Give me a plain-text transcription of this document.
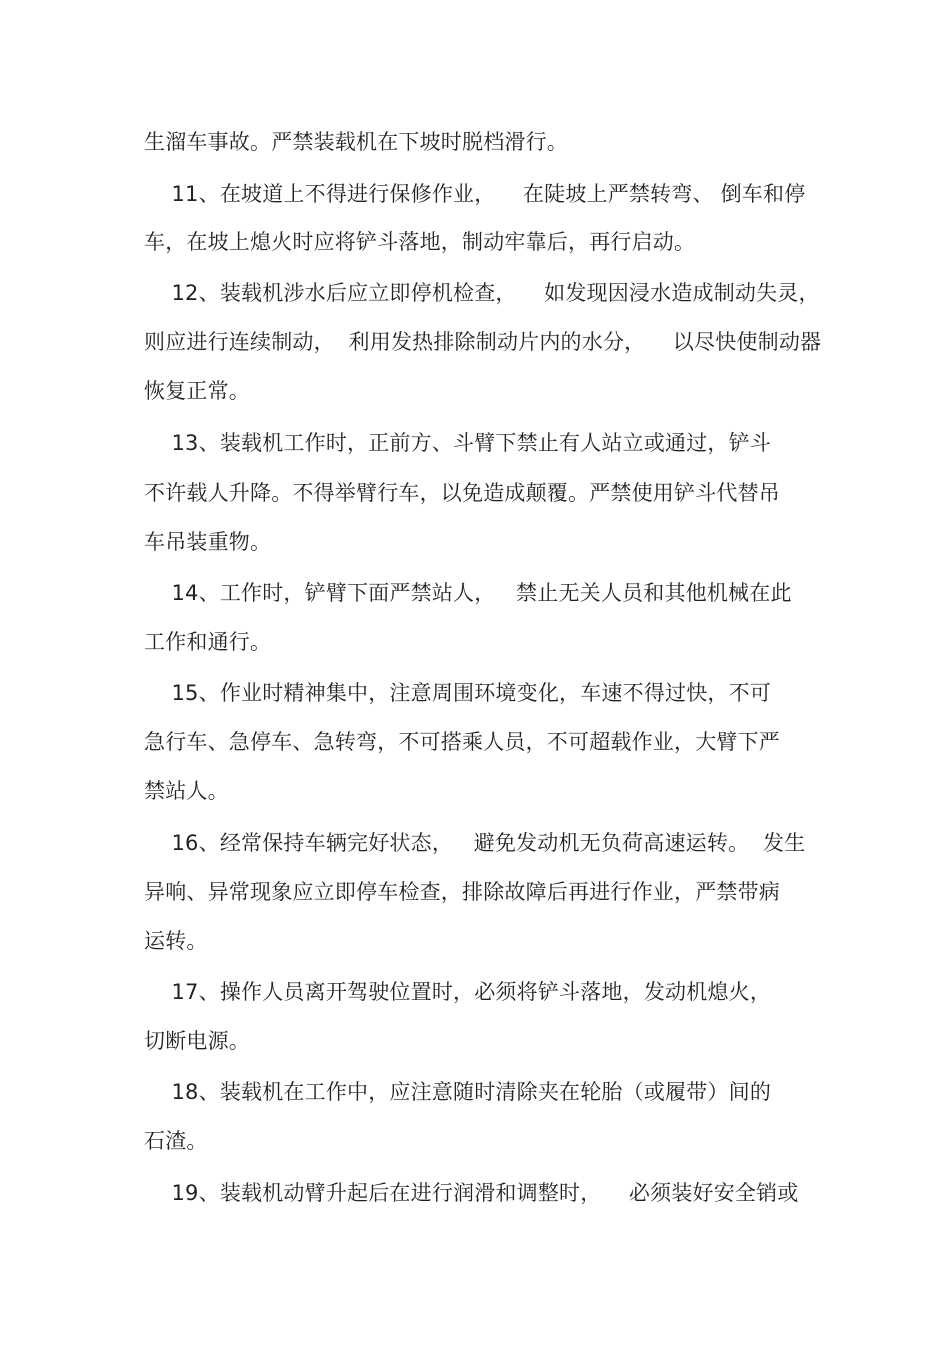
生溜车事故。严禁装载机在下坡时脱档滑行。
11、在坡道上不得进行保修作业，    在陡坡上严禁转弯、 倒车和停
车，在坡上熄火时应将铲斗落地，制动牢靠后，再行启动。
12、装载机涉水后应立即停机检查，    如发现因浸水造成制动失灵，
则应进行连续制动，  利用发热排除制动片内的水分，    以尽快使制动器
恢复正常。
13、装载机工作时，正前方、斗臂下禁止有人站立或通过，铲斗
不许载人升降。不得举臂行车，以免造成颠覆。严禁使用铲斗代替吊
车吊装重物。
14、工作时，铲臂下面严禁站人，   禁止无关人员和其他机械在此
工作和通行。
15、作业时精神集中，注意周围环境变化，车速不得过快，不可
急行车、急停车、急转弯，不可搭乘人员，不可超载作业，大臂下严
禁站人。
16、经常保持车辆完好状态，   避免发动机无负荷高速运转。  发生
异响、异常现象应立即停车检查，排除故障后再进行作业，严禁带病
运转。
17、操作人员离开驾驶位置时，必须将铲斗落地，发动机熄火，
切断电源。
18、装载机在工作中，应注意随时清除夹在轮胎（或履带）间的
石渣。
19、装载机动臂升起后在进行润滑和调整时，    必须装好安全销或
